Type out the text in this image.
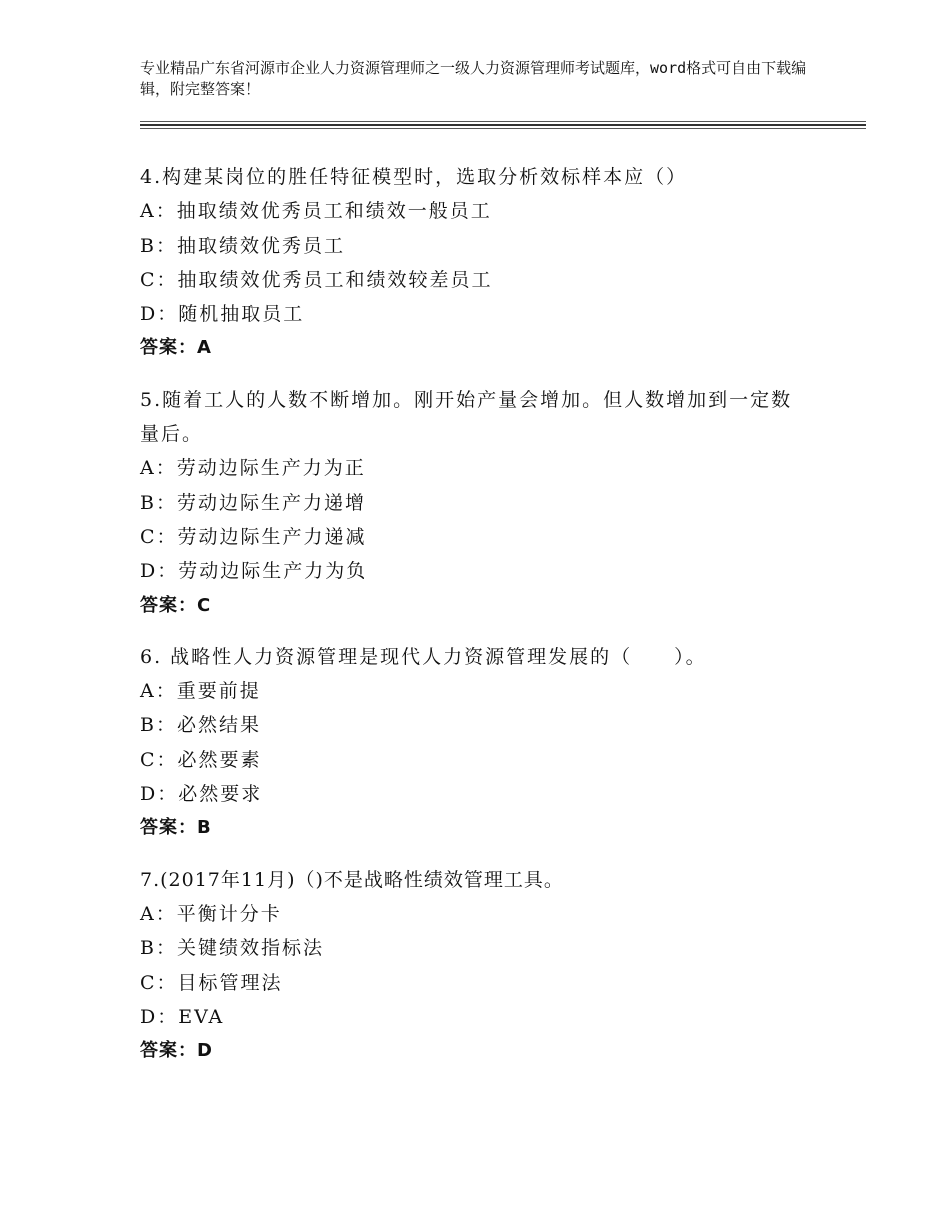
专业精品广东省河源市企业人力资源管理师之一级人力资源管理师考试题库，word格式可自由下载编辑，附完整答案！
4.构建某岗位的胜任特征模型时，选取分析效标样本应（）
A：抽取绩效优秀员工和绩效一般员工
B：抽取绩效优秀员工
C：抽取绩效优秀员工和绩效较差员工
D：随机抽取员工
答案：A
5.随着工人的人数不断增加。刚开始产量会增加。但人数增加到一定数量后。
A：劳动边际生产力为正
B：劳动边际生产力递增
C：劳动边际生产力递减
D：劳动边际生产力为负
答案：C
6. 战略性人力资源管理是现代人力资源管理发展的（　　）。
A：重要前提
B：必然结果
C：必然要素
D：必然要求
答案：B
7.(2017年11月)（)不是战略性绩效管理工具。
A：平衡计分卡
B：关键绩效指标法
C：目标管理法
D：EVA
答案：D
